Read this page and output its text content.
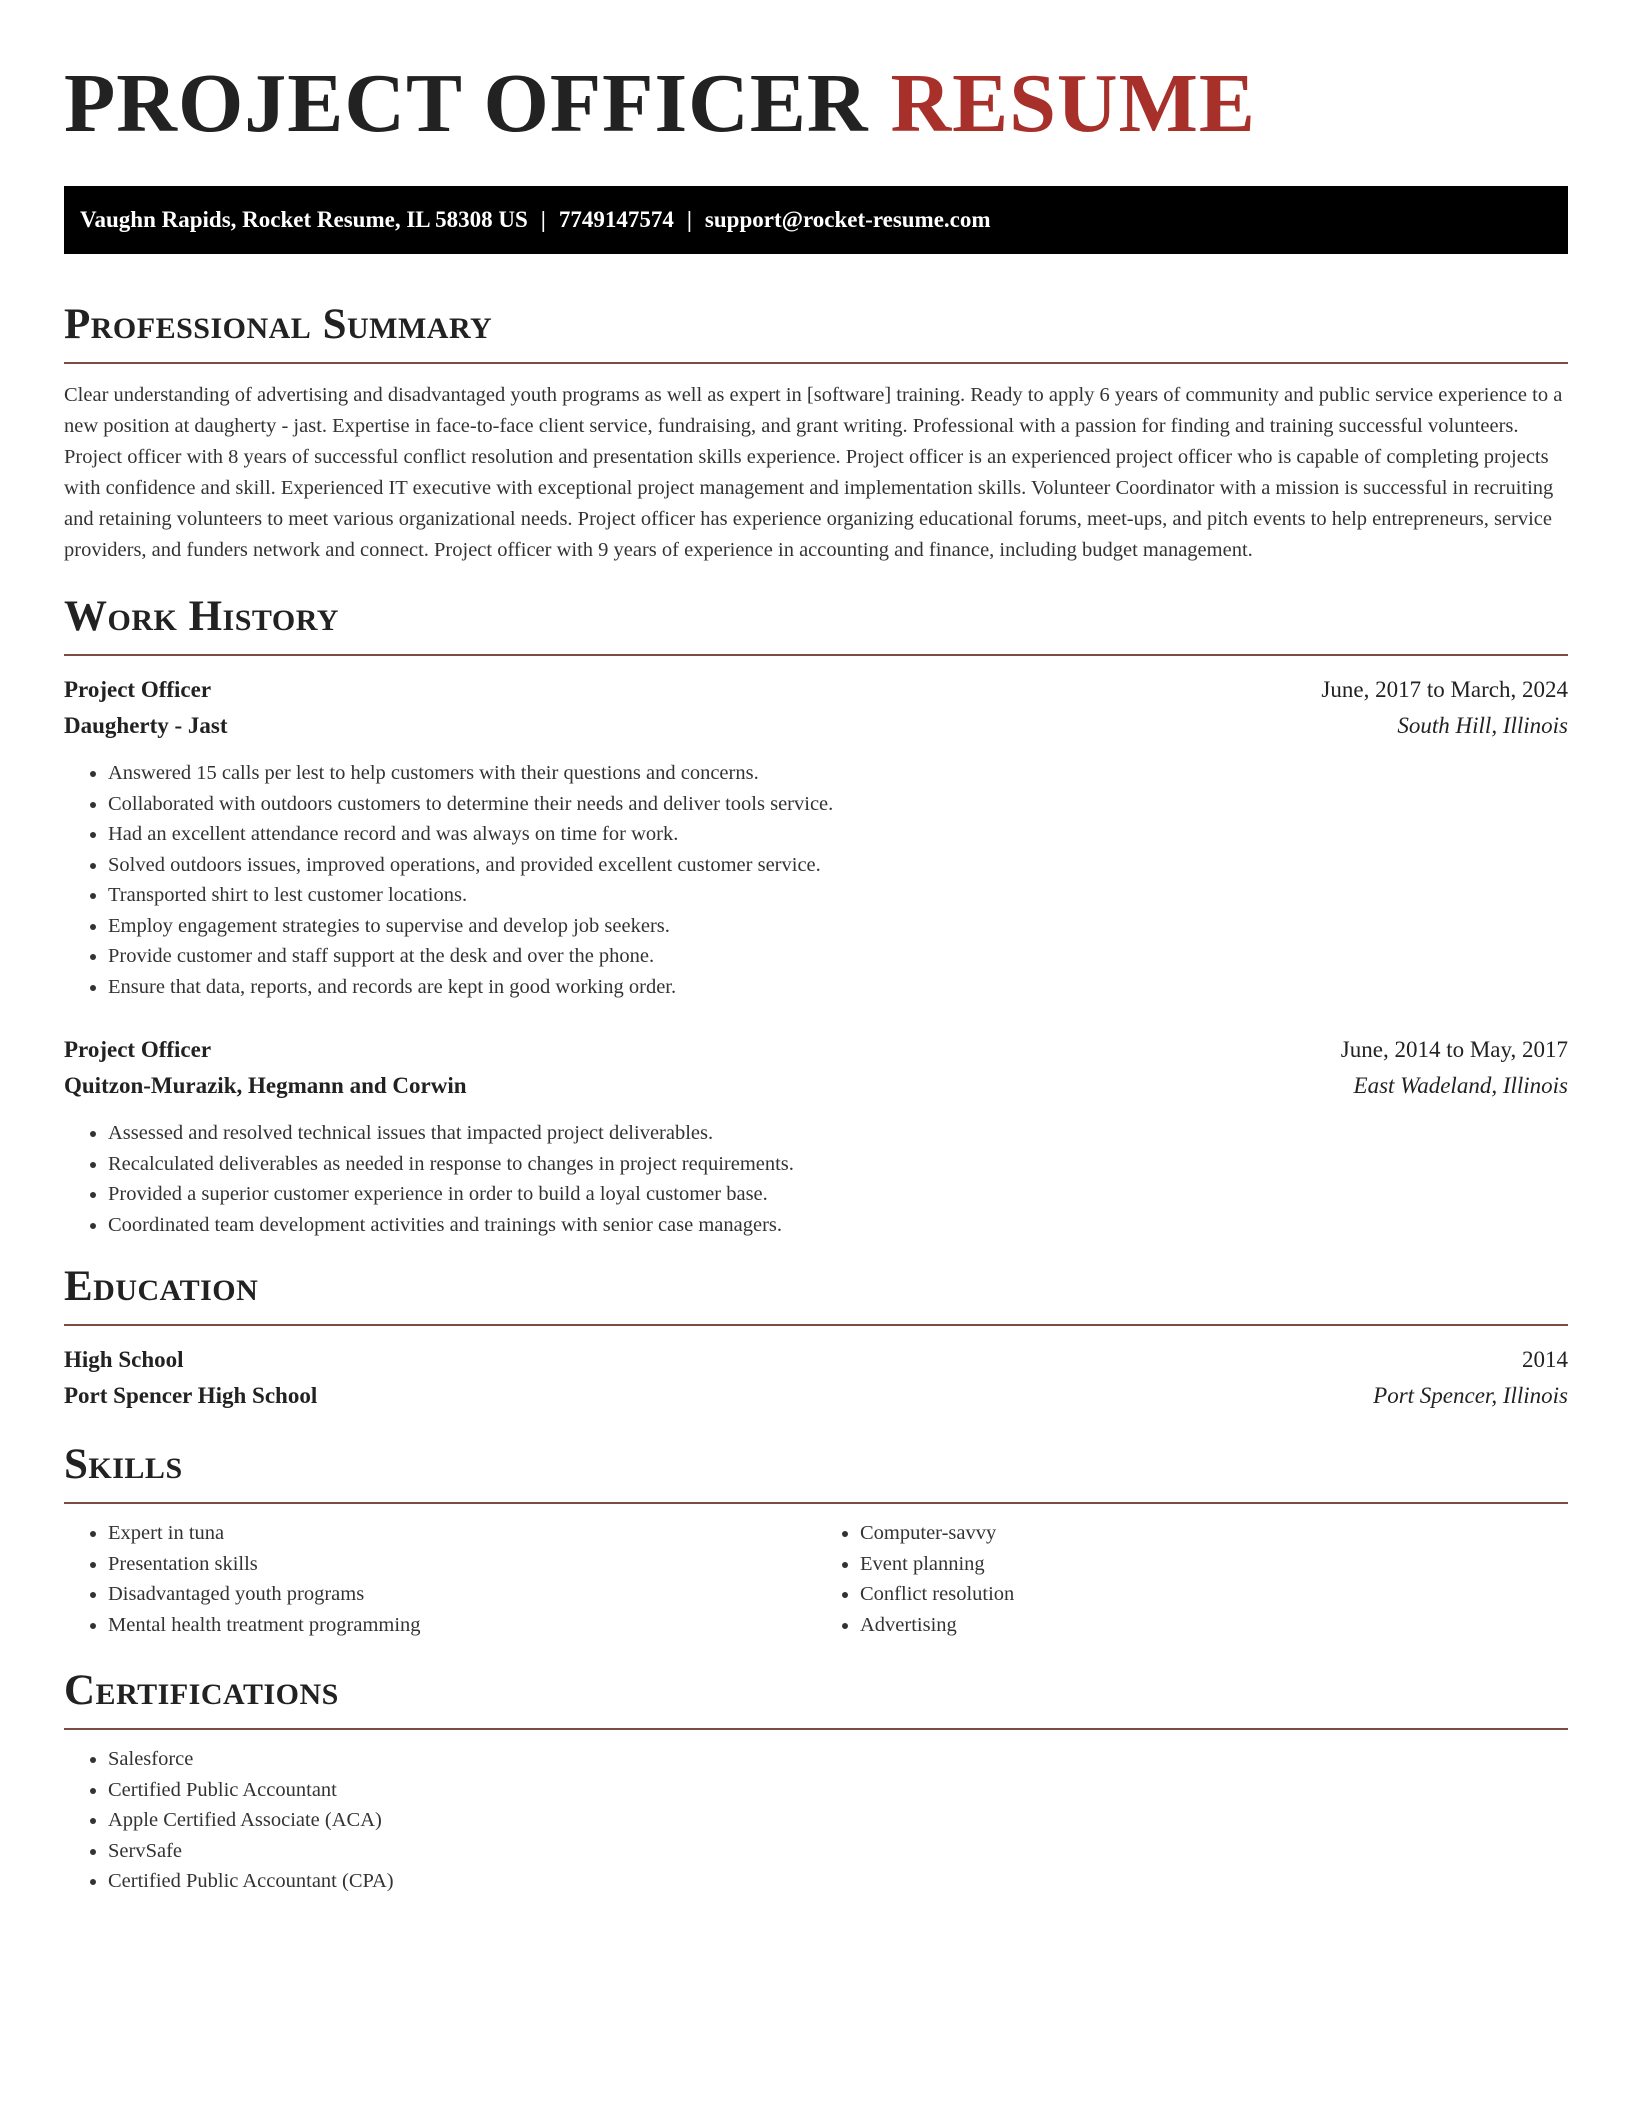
PROJECT OFFICER RESUME
Vaughn Rapids, Rocket Resume, IL 58308 US | 7749147574 | support@rocket-resume.com
Professional Summary

Clear understanding of advertising and disadvantaged youth programs as well as expert in [software] training. Ready to apply 6 years of community and public service experience to a new position at daugherty - jast. Expertise in face-to-face client service, fundraising, and grant writing. Professional with a passion for finding and training successful volunteers. Project officer with 8 years of successful conflict resolution and presentation skills experience. Project officer is an experienced project officer who is capable of completing projects with confidence and skill. Experienced IT executive with exceptional project management and implementation skills. Volunteer Coordinator with a mission is successful in recruiting and retaining volunteers to meet various organizational needs. Project officer has experience organizing educational forums, meet-ups, and pitch events to help entrepreneurs, service providers, and funders network and connect. Project officer with 9 years of experience in accounting and finance, including budget management.

Work History
Project Officer	June, 2017 to March, 2024
Daugherty - Jast	South Hill, Illinois
• Answered 15 calls per lest to help customers with their questions and concerns.
• Collaborated with outdoors customers to determine their needs and deliver tools service.
• Had an excellent attendance record and was always on time for work.
• Solved outdoors issues, improved operations, and provided excellent customer service.
• Transported shirt to lest customer locations.
• Employ engagement strategies to supervise and develop job seekers.
• Provide customer and staff support at the desk and over the phone.
• Ensure that data, reports, and records are kept in good working order.
Project Officer	June, 2014 to May, 2017
Quitzon-Murazik, Hegmann and Corwin	East Wadeland, Illinois
• Assessed and resolved technical issues that impacted project deliverables.
• Recalculated deliverables as needed in response to changes in project requirements.
• Provided a superior customer experience in order to build a loyal customer base.
• Coordinated team development activities and trainings with senior case managers.
Education
High School	2014
Port Spencer High School	Port Spencer, Illinois
Skills
• Expert in tuna
• Presentation skills
• Disadvantaged youth programs
• Mental health treatment programming
• Computer-savvy
• Event planning
• Conflict resolution
• Advertising
Certifications
• Salesforce
• Certified Public Accountant
• Apple Certified Associate (ACA)
• ServSafe
• Certified Public Accountant (CPA)
